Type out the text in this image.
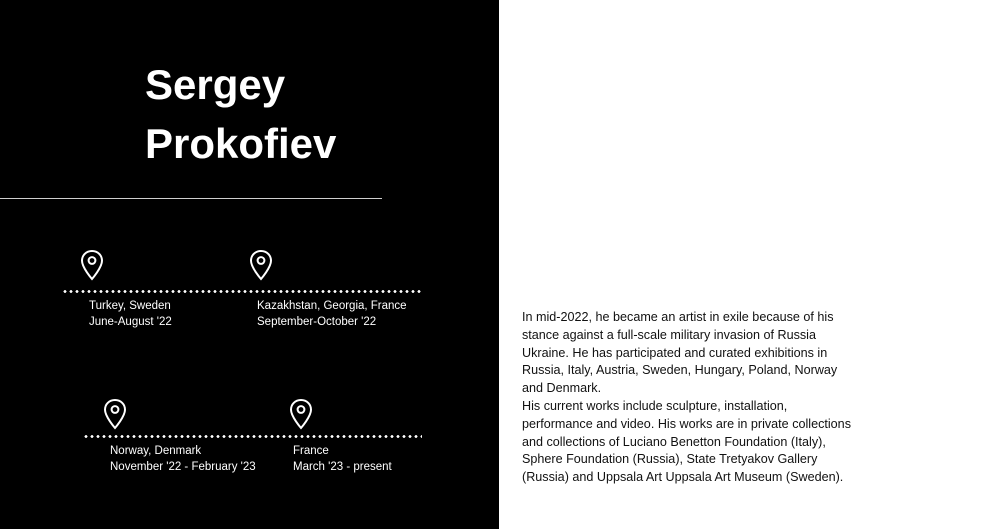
Sergey
Prokofiev
Turkey, Sweden
June-August '22
Kazakhstan, Georgia, France
September-October '22
Norway, Denmark
November '22 - February '23
France
March '23 - present

In mid-2022, he became an artist in exile because of his stance against a full-scale military invasion of Russia Ukraine. He has participated and curated exhibitions in Russia, Italy, Austria, Sweden, Hungary, Poland, Norway and Denmark.

His current works include sculpture, installation, performance and video. His works are in private collections and collections of Luciano Benetton Foundation (Italy), Sphere Foundation (Russia), State Tretyakov Gallery (Russia) and Uppsala Art Uppsala Art Museum (Sweden).
